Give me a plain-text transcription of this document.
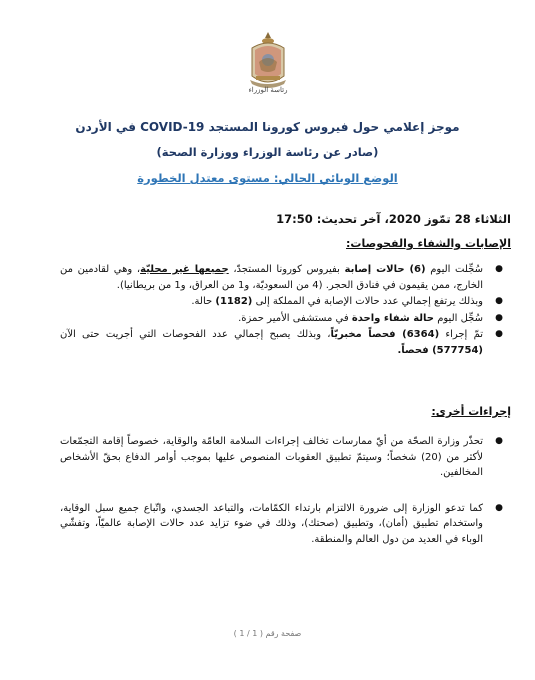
رئاسة الوزراء
موجز إعلامي حول فيروس كورونا المستجد COVID-19 في الأردن
(صادر عن رئاسة الوزراء ووزارة الصحة)
الوضع الوبائي الحالي: مستوى معتدل الخطورة
الثلاثاء 28 تمّوز 2020، آخر تحديث: 17:50
الإصابات والشفاء والفحوصات:
●
سُجِّلت اليوم (6) حالات إصابة بفيروس كورونا المستجدّ، جميعها غير محليّة، وهي لقادمين من الخارج، ممن يقيمون في فنادق الحجر. (4 من السعوديّة، و1 من العراق، و1 من بريطانيا).
●
وبذلك يرتفع إجمالي عدد حالات الإصابة في المملكة إلى (1182) حالة.
●
سُجِّل اليوم حالة شفاء واحدة في مستشفى الأمير حمزة.
●
تمّ إجراء (6364) فحصاً مخبريّاً، وبذلك يصبح إجمالي عدد الفحوصات التي أجريت حتى الآن (577754) فحصاً.
إجراءات أخرى:
●
تحذّر وزارة الصحّة من أيّ ممارسات تخالف إجراءات السلامة العامّة والوقاية، خصوصاً إقامة التجمّعات لأكثر من (20) شخصاً؛ وسيتمّ تطبيق العقوبات المنصوص عليها بموجب أوامر الدفاع بحقّ الأشخاص المخالفين.
●
كما تدعو الوزارة إلى ضرورة الالتزام بارتداء الكمّامات، والتباعد الجسدي، واتّباع جميع سبل الوقاية، واستخدام تطبيق (أمان)، وتطبيق (صحتك)، وذلك في ضوء تزايد عدد حالات الإصابة عالميّاً، وتفشّي الوباء في العديد من دول العالم والمنطقة.
صفحة رقم ( 1 / 1 )
